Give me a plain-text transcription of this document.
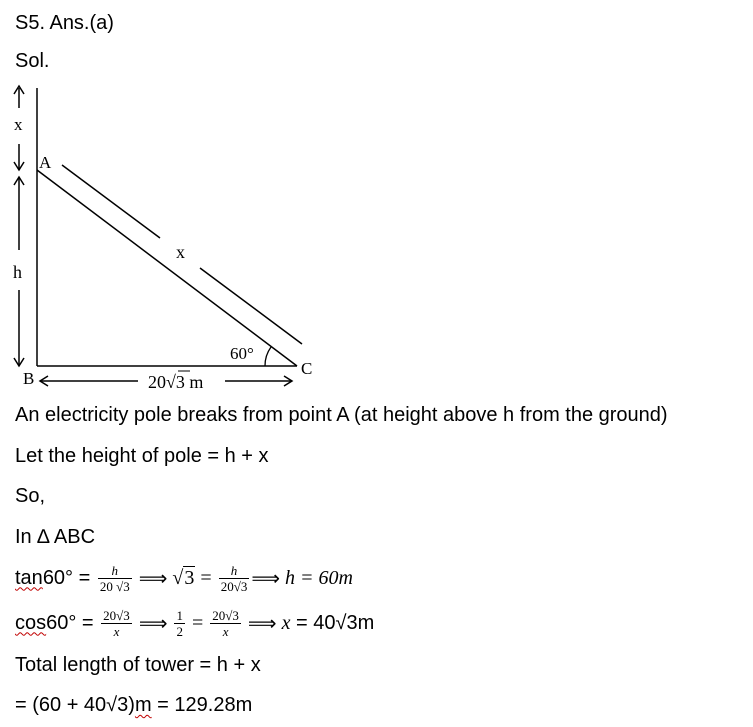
S5. Ans.(a)
Sol.
x
h
A
B
C
x
60°
20√3 m
An electricity pole breaks from point A (at height above h from the ground)
Let the height of pole = h + x
So,
In ∆ ABC
$\tan 60^\circ = \frac{h}{20 √3}$ ⟹ √ $3 = \frac{h}{20√3}$ ⟹ h = 60m
$\cos 60^\circ = \frac{20√3}{x}$ ⟹ $\frac{1}{2} = \frac{20√3}{x}$ ⟹ x = 40√3m
Total length of tower = h + x
= (60 + 40√3)m = 129.28m
